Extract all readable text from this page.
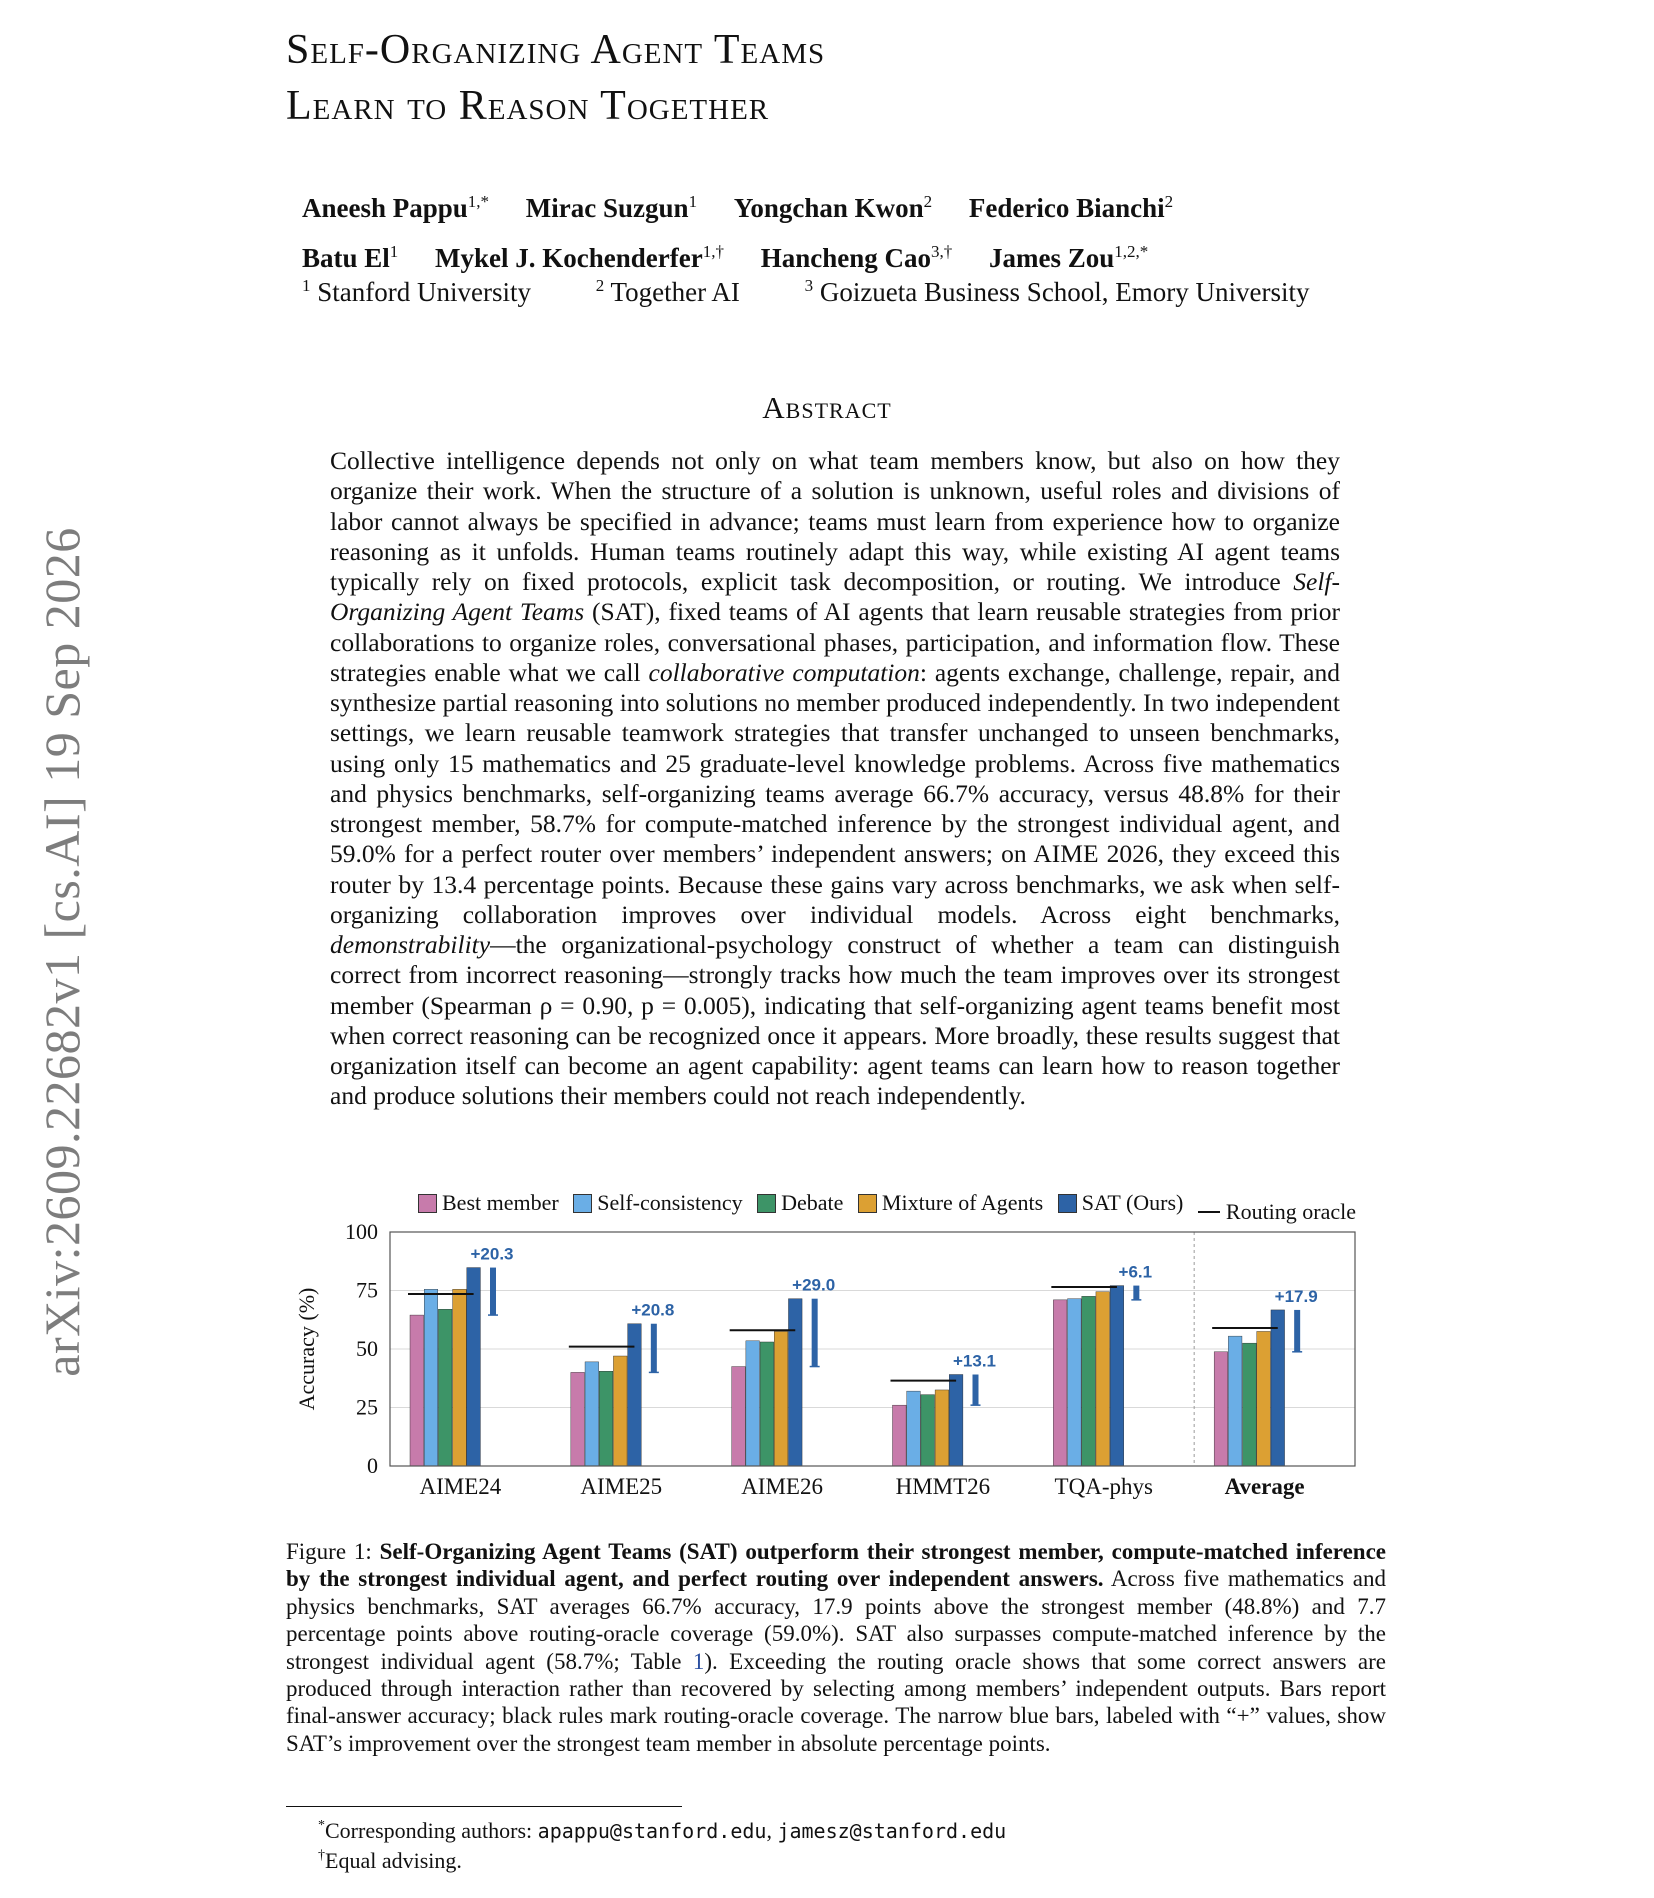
arXiv:2609.22682v1 [cs.AI] 19 Sep 2026
Self-Organizing Agent Teams
Learn to Reason Together
Aneesh Pappu$^{1,*}$ Mirac Suzgun$^1$ Yongchan Kwon$^2$ Federico Bianchi$^2$
Batu El$^1$ Mykel J. Kochenderfer$^{1,\dagger}$ Hancheng Cao$^{3,\dagger}$ James Zou$^{1,2,*}$
$^1$ Stanford University	$^2$ Together AI	$^3$ Goizueta Business School, Emory University
Abstract

Collective intelligence depends not only on what team members know, but also on how they organize their work. When the structure of a solution is unknown, useful roles and divisions of labor cannot always be specified in advance; teams must learn from experience how to organize reasoning as it unfolds. Human teams routinely adapt this way, while existing AI agent teams typically rely on fixed protocols, explicit task decomposition, or routing. We introduce Self-Organizing Agent Teams (SAT), fixed teams of AI agents that learn reusable strategies from prior collaborations to organize roles, conversational phases, participation, and information flow. These strategies enable what we call collaborative computation: agents exchange, challenge, repair, and synthesize partial reasoning into solutions no member produced independently. In two independent settings, we learn reusable teamwork strategies that transfer unchanged to unseen benchmarks, using only 15 mathematics and 25 graduate-level knowledge problems. Across five mathematics and physics benchmarks, self-organizing teams average 66.7% accuracy, versus 48.8% for their strongest member, 58.7% for compute-matched inference by the strongest individual agent, and 59.0% for a perfect router over members’ independent answers; on AIME 2026, they exceed this router by 13.4 percentage points. Because these gains vary across benchmarks, we ask when self-organizing collaboration improves over individual models. Across eight benchmarks, demonstrability—the organizational-psychology construct of whether a team can distinguish correct from incorrect reasoning—strongly tracks how much the team improves over its strongest member (Spearman ρ = 0.90, p = 0.005), indicating that self-organizing agent teams benefit most when correct reasoning can be recognized once it appears. More broadly, these results suggest that organization itself can become an agent capability: agent teams can learn how to reason together and produce solutions their members could not reach independently.

Best member
Self-consistency
Debate
Mixture of Agents
SAT (Ours)
Routing oracle
0
25
50
75
100
+20.3
AIME24
+20.8
AIME25
+29.0
AIME26
+13.1
HMMT26
+6.1
TQA-phys
+17.9
Average
Accuracy (%)

Figure 1: Self-Organizing Agent Teams (SAT) outperform their strongest member, compute-matched inference by the strongest individual agent, and perfect routing over independent answers. Across five mathematics and physics benchmarks, SAT averages 66.7% accuracy, 17.9 points above the strongest member (48.8%) and 7.7 percentage points above routing-oracle coverage (59.0%). SAT also surpasses compute-matched inference by the strongest individual agent (58.7%; Table 1). Exceeding the routing oracle shows that some correct answers are produced through interaction rather than recovered by selecting among members’ independent outputs. Bars report final-answer accuracy; black rules mark routing-oracle coverage. The narrow blue bars, labeled with “+” values, show SAT’s improvement over the strongest team member in absolute percentage points.

*Corresponding authors: apappu@stanford.edu, jamesz@stanford.edu
†Equal advising.
